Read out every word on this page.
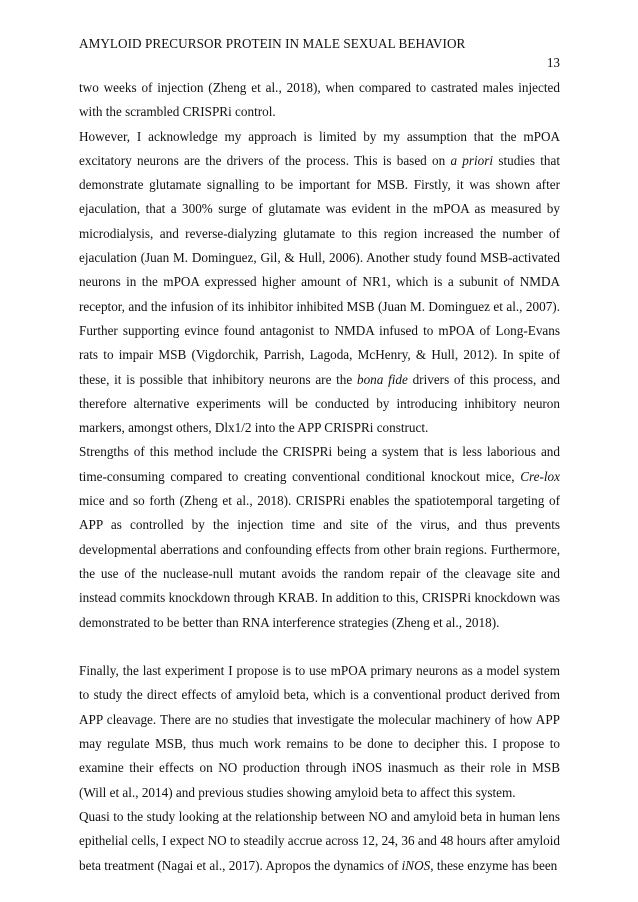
AMYLOID PRECURSOR PROTEIN IN MALE SEXUAL BEHAVIOR
13

two weeks of injection (Zheng et al., 2018), when compared to castrated males injected with the scrambled CRISPRi control.

However, I acknowledge my approach is limited by my assumption that the mPOA excitatory neurons are the drivers of the process. This is based on a priori studies that demonstrate glutamate signalling to be important for MSB. Firstly, it was shown after ejaculation, that a 300% surge of glutamate was evident in the mPOA as measured by microdialysis, and reverse-dialyzing glutamate to this region increased the number of ejaculation (Juan M. Dominguez, Gil, & Hull, 2006). Another study found MSB-activated neurons in the mPOA expressed higher amount of NR1, which is a subunit of NMDA receptor, and the infusion of its inhibitor inhibited MSB (Juan M. Dominguez et al., 2007). Further supporting evince found antagonist to NMDA infused to mPOA of Long-Evans rats to impair MSB (Vigdorchik, Parrish, Lagoda, McHenry, & Hull, 2012). In spite of these, it is possible that inhibitory neurons are the bona fide drivers of this process, and therefore alternative experiments will be conducted by introducing inhibitory neuron markers, amongst others, Dlx1/2 into the APP CRISPRi construct.

Strengths of this method include the CRISPRi being a system that is less laborious and time-consuming compared to creating conventional conditional knockout mice, Cre-lox mice and so forth (Zheng et al., 2018). CRISPRi enables the spatiotemporal targeting of APP as controlled by the injection time and site of the virus, and thus prevents developmental aberrations and confounding effects from other brain regions. Furthermore, the use of the nuclease-null mutant avoids the random repair of the cleavage site and instead commits knockdown through KRAB. In addition to this, CRISPRi knockdown was demonstrated to be better than RNA interference strategies (Zheng et al., 2018).

Finally, the last experiment I propose is to use mPOA primary neurons as a model system to study the direct effects of amyloid beta, which is a conventional product derived from APP cleavage. There are no studies that investigate the molecular machinery of how APP may regulate MSB, thus much work remains to be done to decipher this. I propose to examine their effects on NO production through iNOS inasmuch as their role in MSB (Will et al., 2014) and previous studies showing amyloid beta to affect this system.

Quasi to the study looking at the relationship between NO and amyloid beta in human lens epithelial cells, I expect NO to steadily accrue across 12, 24, 36 and 48 hours after amyloid beta treatment (Nagai et al., 2017). Apropos the dynamics of iNOS, these enzyme has been
